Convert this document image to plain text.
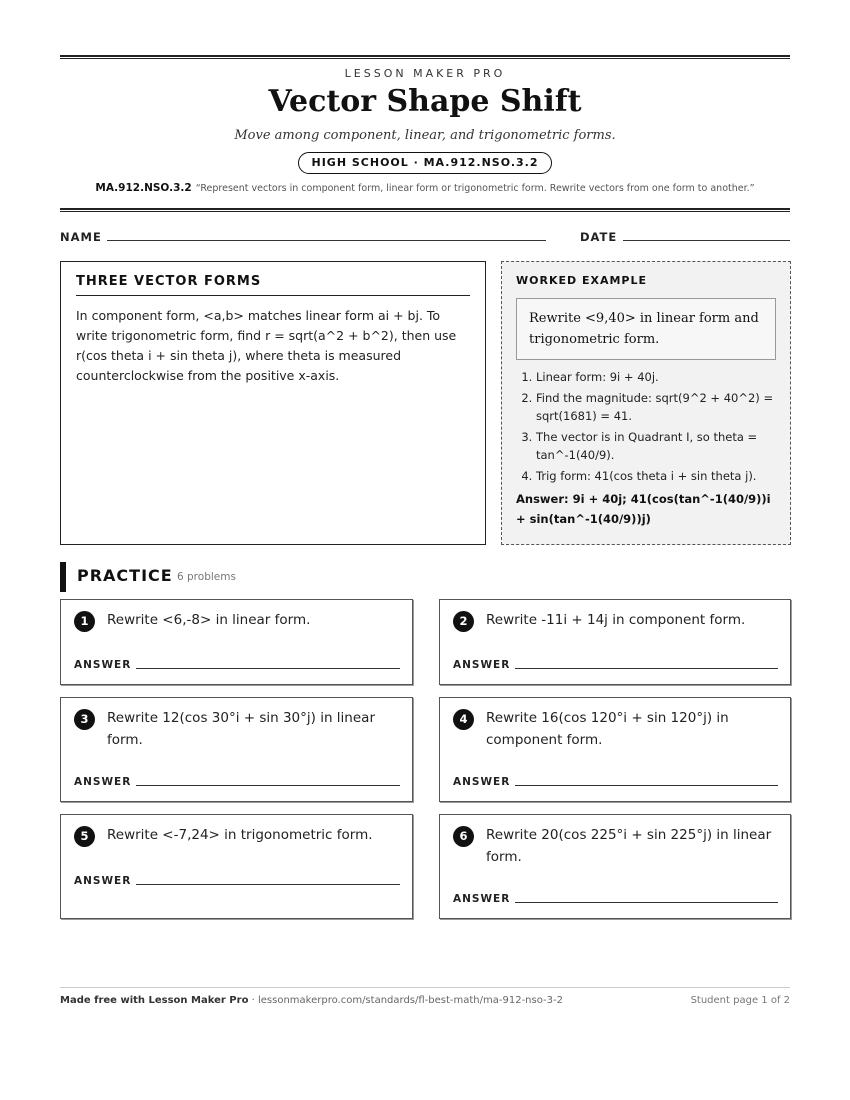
LESSON MAKER PRO
Vector Shape Shift
Move among component, linear, and trigonometric forms.
HIGH SCHOOL · MA.912.NSO.3.2
MA.912.NSO.3.2 “Represent vectors in component form, linear form or trigonometric form. Rewrite vectors from one form to another.”
NAME	DATE
THREE VECTOR FORMS

In component form, <a,b> matches linear form ai + bj. To write trigonometric form, find r = sqrt(a^2 + b^2), then use r(cos theta i + sin theta j), where theta is measured counterclockwise from the positive x-axis.

WORKED EXAMPLE
Rewrite <9,40> in linear form and trigonometric form.
1. Linear form: 9i + 40j.
2. Find the magnitude: sqrt(9^2 + 40^2) = sqrt(1681) = 41.
3. The vector is in Quadrant I, so theta = tan^-1(40/9).
4. Trig form: 41(cos theta i + sin theta j).
Answer: 9i + 40j; 41(cos(tan^-1(40/9))i + sin(tan^-1(40/9))j)
PRACTICE 6 problems
1	Rewrite <6,-8> in linear form.
ANSWER
2	Rewrite -11i + 14j in component form.
ANSWER
3	Rewrite 12(cos 30°i + sin 30°j) in linear form.
ANSWER
4	Rewrite 16(cos 120°i + sin 120°j) in component form.
ANSWER
5	Rewrite <-7,24> in trigonometric form.
ANSWER
6	Rewrite 20(cos 225°i + sin 225°j) in linear form.
ANSWER
Made free with Lesson Maker Pro · lessonmakerpro.com/standards/fl-best-math/ma-912-nso-3-2	Student page 1 of 2
